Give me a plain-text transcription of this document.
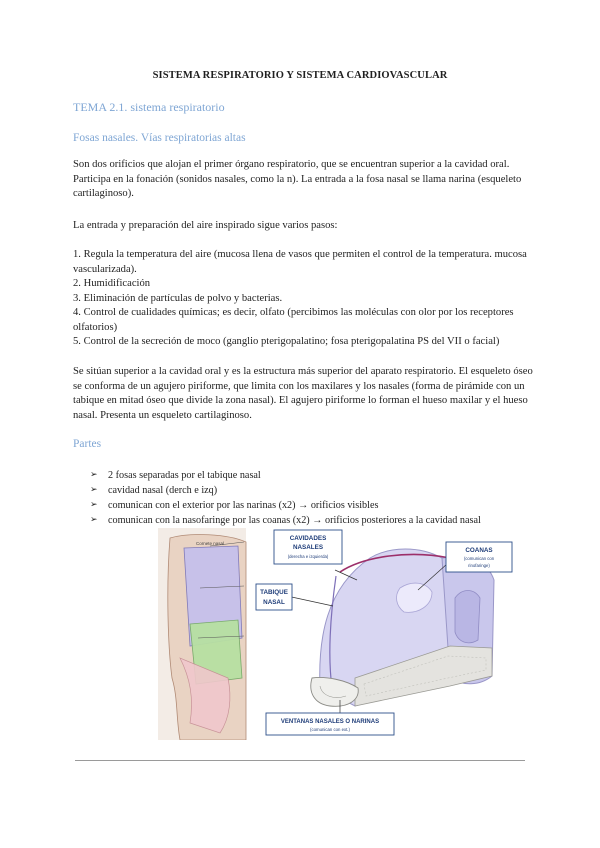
SISTEMA RESPIRATORIO Y SISTEMA CARDIOVASCULAR
TEMA 2.1. sistema respiratorio
Fosas nasales. Vías respiratorias altas

Son dos orificios que alojan el primer órgano respiratorio, que se encuentran superior a la cavidad oral. Participa en la fonación (sonidos nasales, como la n). La entrada a la fosa nasal se llama narina (esqueleto cartilaginoso).

La entrada y preparación del aire inspirado sigue varios pasos:

1. Regula la temperatura del aire (mucosa llena de vasos que permiten el control de la temperatura. mucosa vascularizada).
2. Humidificación
3. Eliminación de partículas de polvo y bacterias.
4. Control de cualidades químicas; es decir, olfato (percibimos las moléculas con olor por los receptores olfatorios)
5. Control de la secreción de moco (ganglio pterigopalatino; fosa pterigopalatina PS del VII o facial)

Se sitúan superior a la cavidad oral y es la estructura más superior del aparato respiratorio. El esqueleto óseo se conforma de un agujero piriforme, que limita con los maxilares y los nasales (forma de pirámide con un tabique en mitad óseo que divide la zona nasal). El agujero piriforme lo forman el hueso maxilar y el hueso nasal. Presenta un esqueleto cartilaginoso.

Partes
➢	2 fosas separadas por el tabique nasal
➢	cavidad nasal (derch e izq)
➢	comunican con el exterior por las narinas (x2) → orificios visibles
➢	comunican con la nasofaringe por las coanas (x2) → orificios posteriores a la cavidad nasal
Cornete nasal
CAVIDADES
NASALES
(derecha e izquierda)
COANAS
(comunican con
rinofaringe)
TABIQUE
NASAL
VENTANAS NASALES O NARINAS
(comunican con ext.)
